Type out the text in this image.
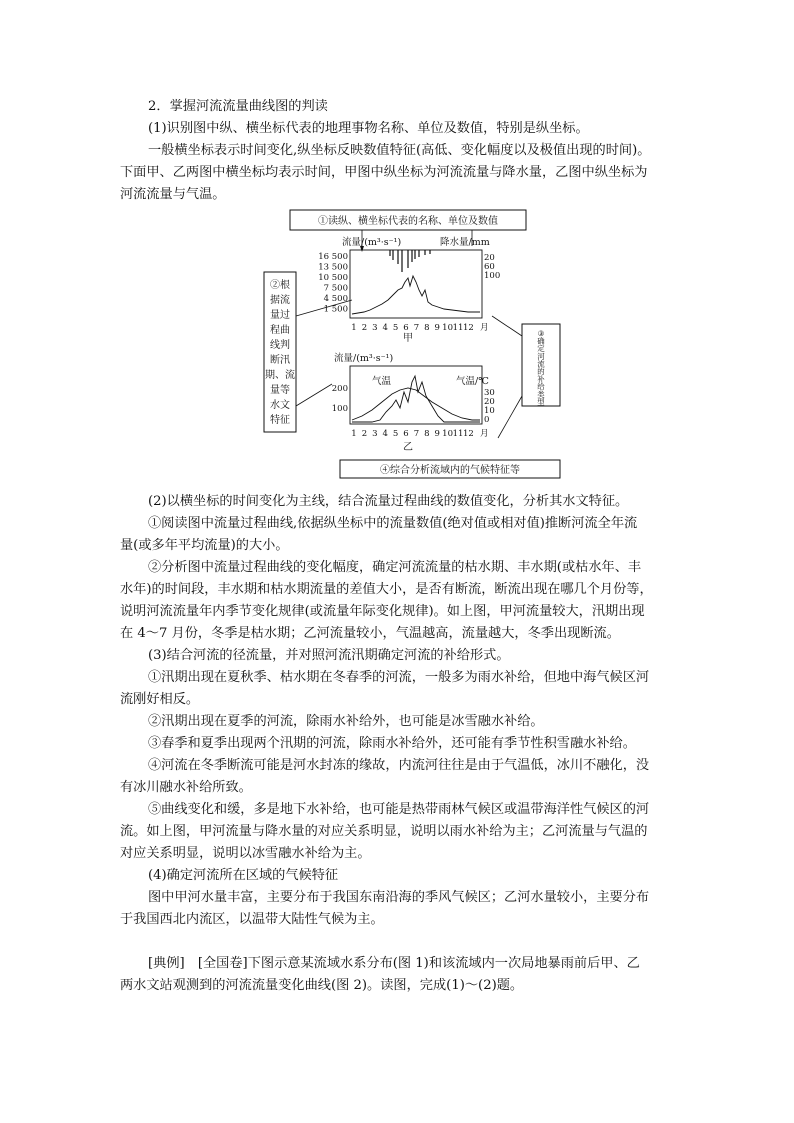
2．掌握河流流量曲线图的判读
(1)识别图中纵、横坐标代表的地理事物名称、单位及数值，特别是纵坐标。
一般横坐标表示时间变化,纵坐标反映数值特征(高低、变化幅度以及极值出现的时间)。
下面甲、乙两图中横坐标均表示时间，甲图中纵坐标为河流流量与降水量，乙图中纵坐标为
河流流量与气温。
①读纵、横坐标代表的名称、单位及数值
②根
据流
量过
程曲
线判
断汛
期、流
量等
水文
特征
③
确
定
河
流
的
补
给
类
型
流量/(m³·s⁻¹)	降水量/mm
16 500
13 500
10 500
7 500
4 500
1 500
20
60
100
1 2 3 4 5 6 7 8 9 10 11 12 月
甲
流量/(m³·s⁻¹)
气温	气温/℃
200
100
30
20
10
0
1 2 3 4 5 6 7 8 9 10 11 12 月
乙
④综合分析流域内的气候特征等
(2)以横坐标的时间变化为主线，结合流量过程曲线的数值变化，分析其水文特征。
①阅读图中流量过程曲线,依据纵坐标中的流量数值(绝对值或相对值)推断河流全年流
量(或多年平均流量)的大小。
②分析图中流量过程曲线的变化幅度，确定河流流量的枯水期、丰水期(或枯水年、丰
水年)的时间段，丰水期和枯水期流量的差值大小，是否有断流，断流出现在哪几个月份等，
说明河流流量年内季节变化规律(或流量年际变化规律)。如上图，甲河流量较大，汛期出现
在 4～7 月份，冬季是枯水期；乙河流量较小，气温越高，流量越大，冬季出现断流。
(3)结合河流的径流量，并对照河流汛期确定河流的补给形式。
①汛期出现在夏秋季、枯水期在冬春季的河流，一般多为雨水补给，但地中海气候区河
流刚好相反。
②汛期出现在夏季的河流，除雨水补给外，也可能是冰雪融水补给。
③春季和夏季出现两个汛期的河流，除雨水补给外，还可能有季节性积雪融水补给。
④河流在冬季断流可能是河水封冻的缘故，内流河往往是由于气温低，冰川不融化，没
有冰川融水补给所致。
⑤曲线变化和缓，多是地下水补给，也可能是热带雨林气候区或温带海洋性气候区的河
流。如上图，甲河流量与降水量的对应关系明显，说明以雨水补给为主；乙河流量与气温的
对应关系明显，说明以冰雪融水补给为主。
(4)确定河流所在区域的气候特征
图中甲河水量丰富，主要分布于我国东南沿海的季风气候区；乙河水量较小，主要分布
于我国西北内流区，以温带大陆性气候为主。
[典例]　[全国卷]下图示意某流域水系分布(图 1)和该流域内一次局地暴雨前后甲、乙
两水文站观测到的河流流量变化曲线(图 2)。读图，完成(1)～(2)题。
